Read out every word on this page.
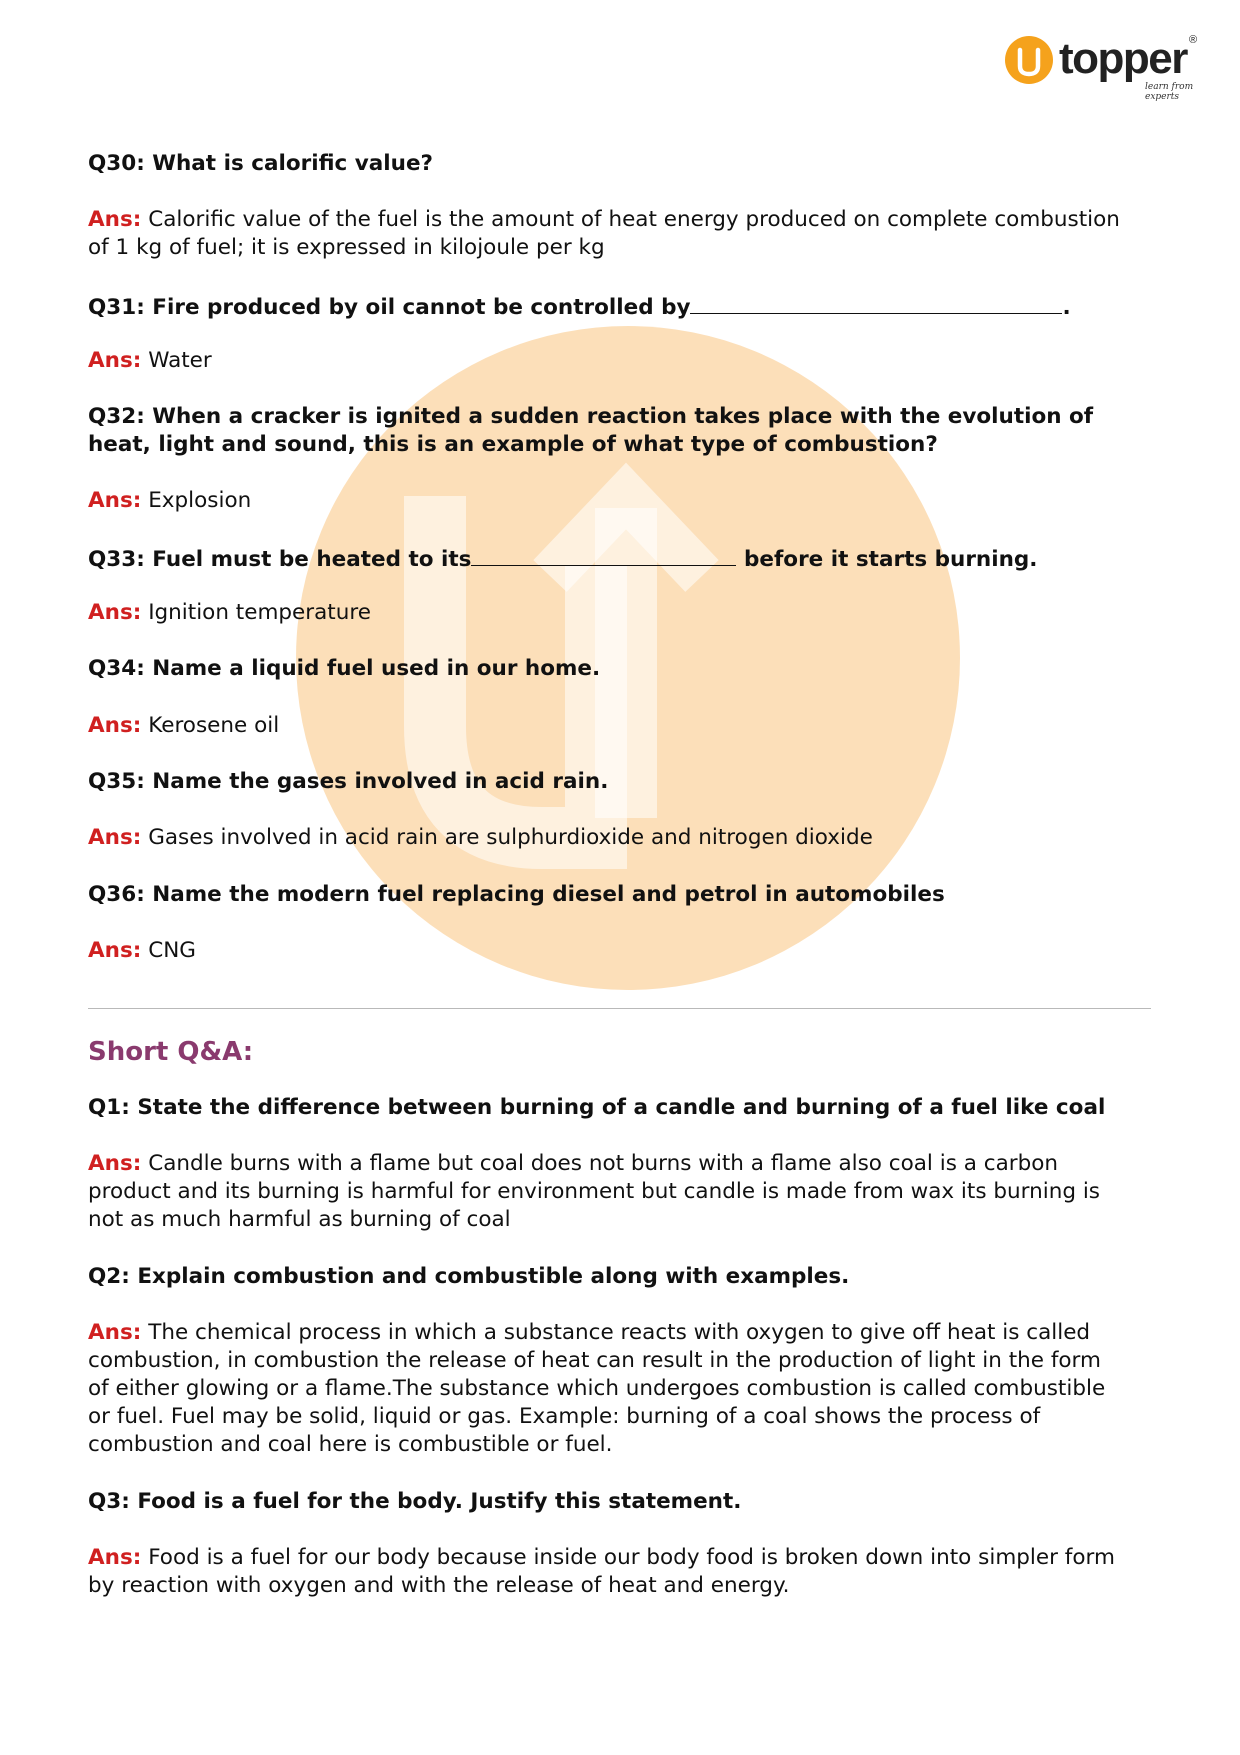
topper ®
learn from experts
Q30: What is calorific value?
Ans: Calorific value of the fuel is the amount of heat energy produced on complete combustion
of 1 kg of fuel; it is expressed in kilojoule per kg
Q31: Fire produced by oil cannot be controlled by	.
Ans: Water
Q32: When a cracker is ignited a sudden reaction takes place with the evolution of
heat, light and sound, this is an example of what type of combustion?
Ans: Explosion
Q33: Fuel must be heated to its	before it starts burning.
Ans: Ignition temperature
Q34: Name a liquid fuel used in our home.
Ans: Kerosene oil
Q35: Name the gases involved in acid rain.
Ans: Gases involved in acid rain are sulphurdioxide and nitrogen dioxide
Q36: Name the modern fuel replacing diesel and petrol in automobiles
Ans: CNG
Short Q&A:
Q1: State the difference between burning of a candle and burning of a fuel like coal
Ans: Candle burns with a flame but coal does not burns with a flame also coal is a carbon
product and its burning is harmful for environment but candle is made from wax its burning is
not as much harmful as burning of coal
Q2: Explain combustion and combustible along with examples.
Ans: The chemical process in which a substance reacts with oxygen to give off heat is called
combustion, in combustion the release of heat can result in the production of light in the form
of either glowing or a flame.The substance which undergoes combustion is called combustible
or fuel. Fuel may be solid, liquid or gas. Example: burning of a coal shows the process of
combustion and coal here is combustible or fuel.
Q3: Food is a fuel for the body. Justify this statement.
Ans: Food is a fuel for our body because inside our body food is broken down into simpler form
by reaction with oxygen and with the release of heat and energy.
